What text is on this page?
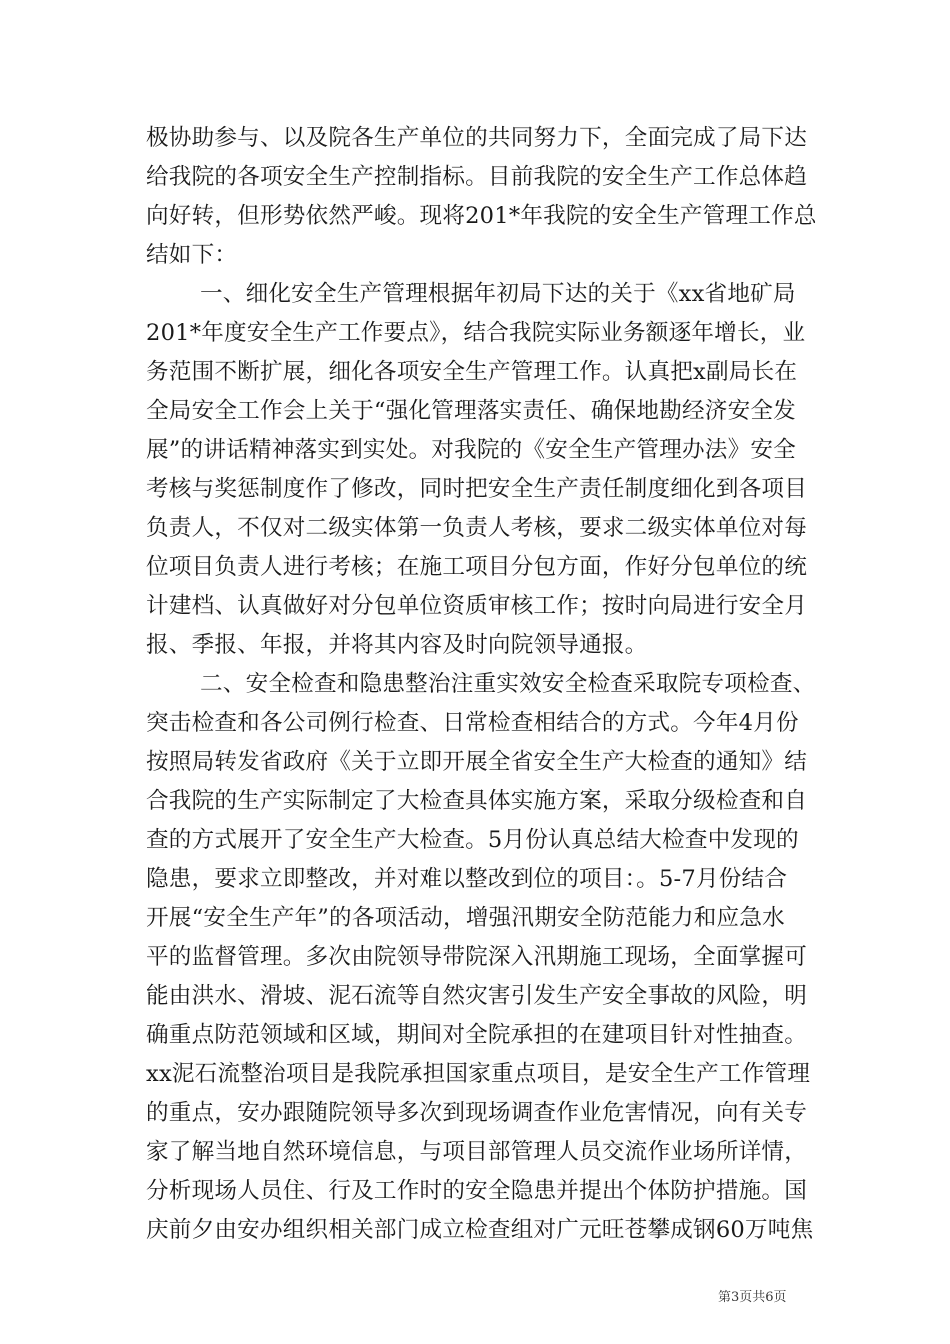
极协助参与、以及院各生产单位的共同努力下，全面完成了局下达
给我院的各项安全生产控制指标。目前我院的安全生产工作总体趋
向好转，但形势依然严峻。现将201*年我院的安全生产管理工作总
结如下：
一、细化安全生产管理根据年初局下达的关于《xx省地矿局
201*年度安全生产工作要点》，结合我院实际业务额逐年增长，业
务范围不断扩展，细化各项安全生产管理工作。认真把x副局长在
全局安全工作会上关于“强化管理落实责任、确保地勘经济安全发
展”的讲话精神落实到实处。对我院的《安全生产管理办法》安全
考核与奖惩制度作了修改，同时把安全生产责任制度细化到各项目
负责人，不仅对二级实体第一负责人考核，要求二级实体单位对每
位项目负责人进行考核；在施工项目分包方面，作好分包单位的统
计建档、认真做好对分包单位资质审核工作；按时向局进行安全月
报、季报、年报，并将其内容及时向院领导通报。
二、安全检查和隐患整治注重实效安全检查采取院专项检查、
突击检查和各公司例行检查、日常检查相结合的方式。今年4月份
按照局转发省政府《关于立即开展全省安全生产大检查的通知》结
合我院的生产实际制定了大检查具体实施方案，采取分级检查和自
查的方式展开了安全生产大检查。5月份认真总结大检查中发现的
隐患，要求立即整改，并对难以整改到位的项目：。5-7月份结合
开展“安全生产年”的各项活动，增强汛期安全防范能力和应急水
平的监督管理。多次由院领导带院深入汛期施工现场，全面掌握可
能由洪水、滑坡、泥石流等自然灾害引发生产安全事故的风险，明
确重点防范领域和区域，期间对全院承担的在建项目针对性抽查。
xx泥石流整治项目是我院承担国家重点项目，是安全生产工作管理
的重点，安办跟随院领导多次到现场调查作业危害情况，向有关专
家了解当地自然环境信息，与项目部管理人员交流作业场所详情，
分析现场人员住、行及工作时的安全隐患并提出个体防护措施。国
庆前夕由安办组织相关部门成立检查组对广元旺苍攀成钢60万吨焦
第3页共6页
